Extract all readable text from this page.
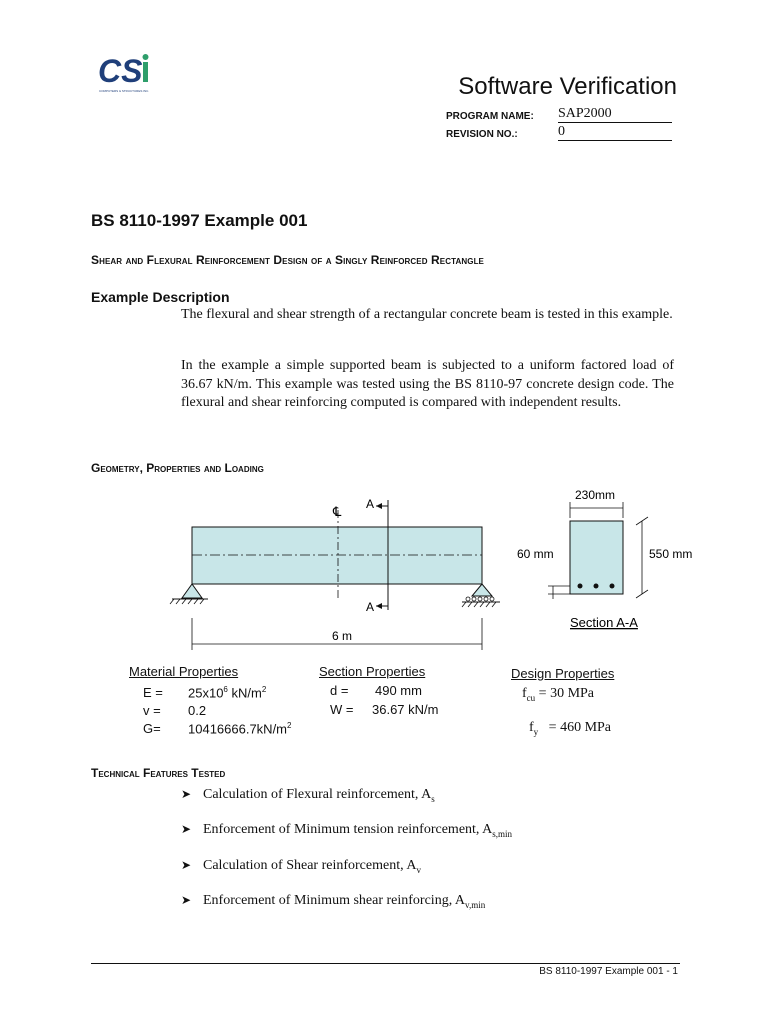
CS
COMPUTERS & STRUCTURES INC.	Software Verification
PROGRAM NAME: SAP2000
REVISION NO.:	0
BS 8110-1997 Example 001
Shear and Flexural Reinforcement Design of a Singly Reinforced Rectangle
Example Description
The flexural and shear strength of a rectangular concrete beam is tested in this example.
In the example a simple supported beam is subjected to a uniform factored load of 36.67 kN/m. This example was tested using the BS 8110-97 concrete design code. The flexural and shear reinforcing computed is compared with independent results.
Geometry, Properties and Loading
℄ A
A
6 m
230mm
550 mm
60 mm
Section A-A
Material Properties
$E = 25x10^6$ $kN/m^2$
v = 0.2
$G= 10416666.7kN/m^2$
Section Properties
d = 490 mm
W = 36.67 kN/m
Design Properties
$f_{cu} = 30$ MPa

$f_y = 460$ MPa

Technical Features Tested
➤ Calculation of Flexural reinforcement, $A_s$
➤ Enforcement of Minimum tension reinforcement, $A_{s,min}$
➤ Calculation of Shear reinforcement, $A_v$
➤ Enforcement of Minimum shear reinforcing, $A_{v,min}$
BS 8110-1997 Example 001 - 1
